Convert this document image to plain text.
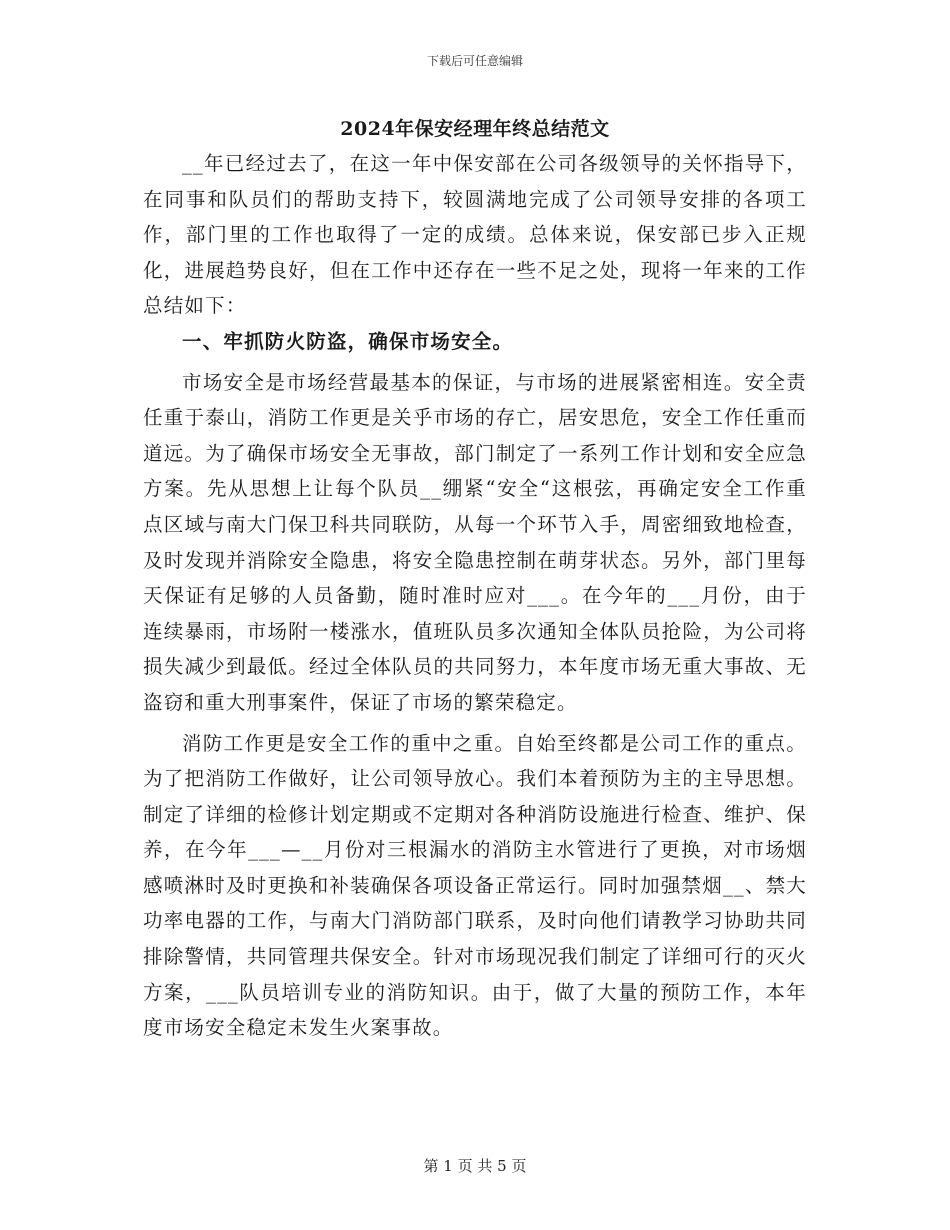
下载后可任意编辑
2024年保安经理年终总结范文

__年已经过去了，在这一年中保安部在公司各级领导的关怀指导下，在同事和队员们的帮助支持下，较圆满地完成了公司领导安排的各项工作，部门里的工作也取得了一定的成绩。总体来说，保安部已步入正规化，进展趋势良好，但在工作中还存在一些不足之处，现将一年来的工作总结如下：

一、牢抓防火防盗，确保市场安全。

市场安全是市场经营最基本的保证，与市场的进展紧密相连。安全责任重于泰山，消防工作更是关乎市场的存亡，居安思危，安全工作任重而道远。为了确保市场安全无事故，部门制定了一系列工作计划和安全应急方案。先从思想上让每个队员__绷紧“安全“这根弦，再确定安全工作重点区域与南大门保卫科共同联防，从每一个环节入手，周密细致地检查，及时发现并消除安全隐患，将安全隐患控制在萌芽状态。另外，部门里每天保证有足够的人员备勤，随时准时应对___。在今年的___月份，由于连续暴雨，市场附一楼涨水，值班队员多次通知全体队员抢险，为公司将损失减少到最低。经过全体队员的共同努力，本年度市场无重大事故、无盗窃和重大刑事案件，保证了市场的繁荣稳定。

消防工作更是安全工作的重中之重。自始至终都是公司工作的重点。为了把消防工作做好，让公司领导放心。我们本着预防为主的主导思想。制定了详细的检修计划定期或不定期对各种消防设施进行检查、维护、保养，在今年___—__月份对三根漏水的消防主水管进行了更换，对市场烟感喷淋时及时更换和补装确保各项设备正常运行。同时加强禁烟__、禁大功率电器的工作，与南大门消防部门联系，及时向他们请教学习协助共同排除警情，共同管理共保安全。针对市场现况我们制定了详细可行的灭火方案，___队员培训专业的消防知识。由于，做了大量的预防工作，本年度市场安全稳定未发生火案事故。

第 1 页 共 5 页
